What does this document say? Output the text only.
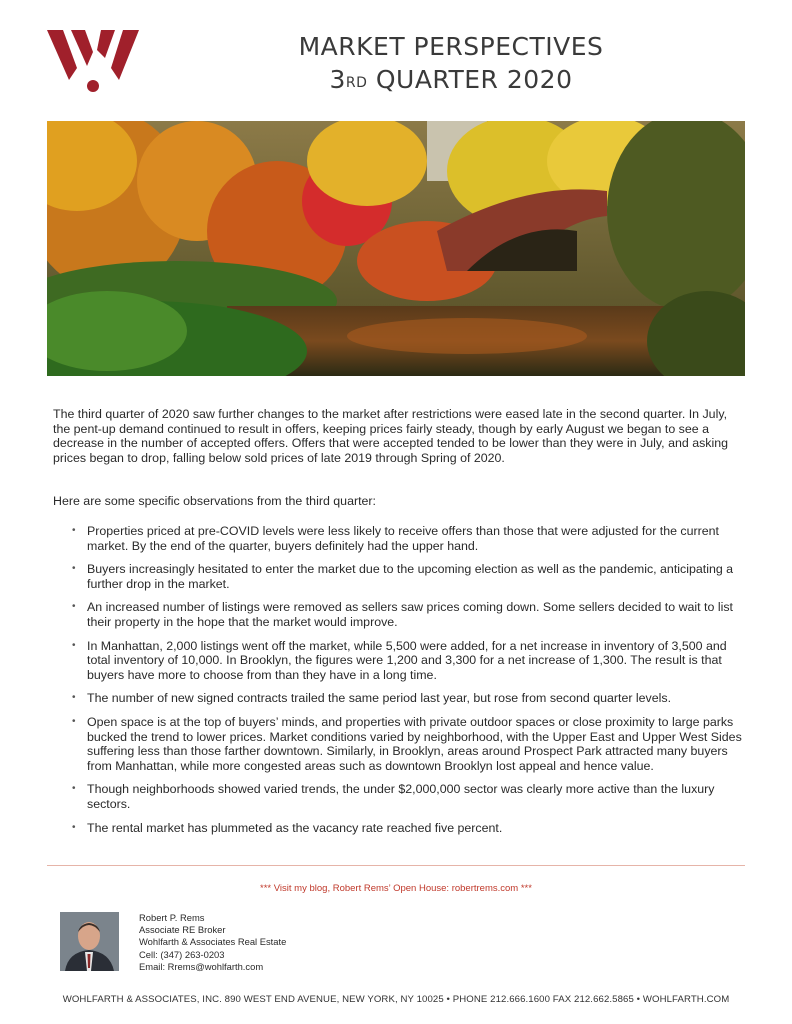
MARKET PERSPECTIVES
3RD QUARTER 2020

The third quarter of 2020 saw further changes to the market after restrictions were eased late in the second quarter. In July, the pent-up demand continued to result in offers, keeping prices fairly steady, though by early August we began to see a decrease in the number of accepted offers. Offers that were accepted tended to be lower than they were in July, and asking prices began to drop, falling below sold prices of late 2019 through Spring of 2020.

Here are some specific observations from the third quarter:

• Properties priced at pre-COVID levels were less likely to receive offers than those that were adjusted for the current market. By the end of the quarter, buyers definitely had the upper hand.
• Buyers increasingly hesitated to enter the market due to the upcoming election as well as the pandemic, anticipating a further drop in the market.
• An increased number of listings were removed as sellers saw prices coming down. Some sellers decided to wait to list their property in the hope that the market would improve.
• In Manhattan, 2,000 listings went off the market, while 5,500 were added, for a net increase in inventory of 3,500 and total inventory of 10,000. In Brooklyn, the figures were 1,200 and 3,300 for a net increase of 1,300. The result is that buyers have more to choose from than they have in a long time.
• The number of new signed contracts trailed the same period last year, but rose from second quarter levels.
• Open space is at the top of buyers’ minds, and properties with private outdoor spaces or close proximity to large parks bucked the trend to lower prices. Market conditions varied by neighborhood, with the Upper East and Upper West Sides suffering less than those farther downtown. Similarly, in Brooklyn, areas around Prospect Park attracted many buyers from Manhattan, while more congested areas such as downtown Brooklyn lost appeal and hence value.
• Though neighborhoods showed varied trends, the under $2,000,000 sector was clearly more active than the luxury sectors.
• The rental market has plummeted as the vacancy rate reached five percent.
*** Visit my blog, Robert Rems’ Open House: robertrems.com ***
Robert P. Rems
Associate RE Broker
Wohlfarth & Associates Real Estate
Cell: (347) 263-0203
Email: Rrems@wohlfarth.com
WOHLFARTH & ASSOCIATES, INC. 890 WEST END AVENUE, NEW YORK, NY 10025 • PHONE 212.666.1600 FAX 212.662.5865 • WOHLFARTH.COM
